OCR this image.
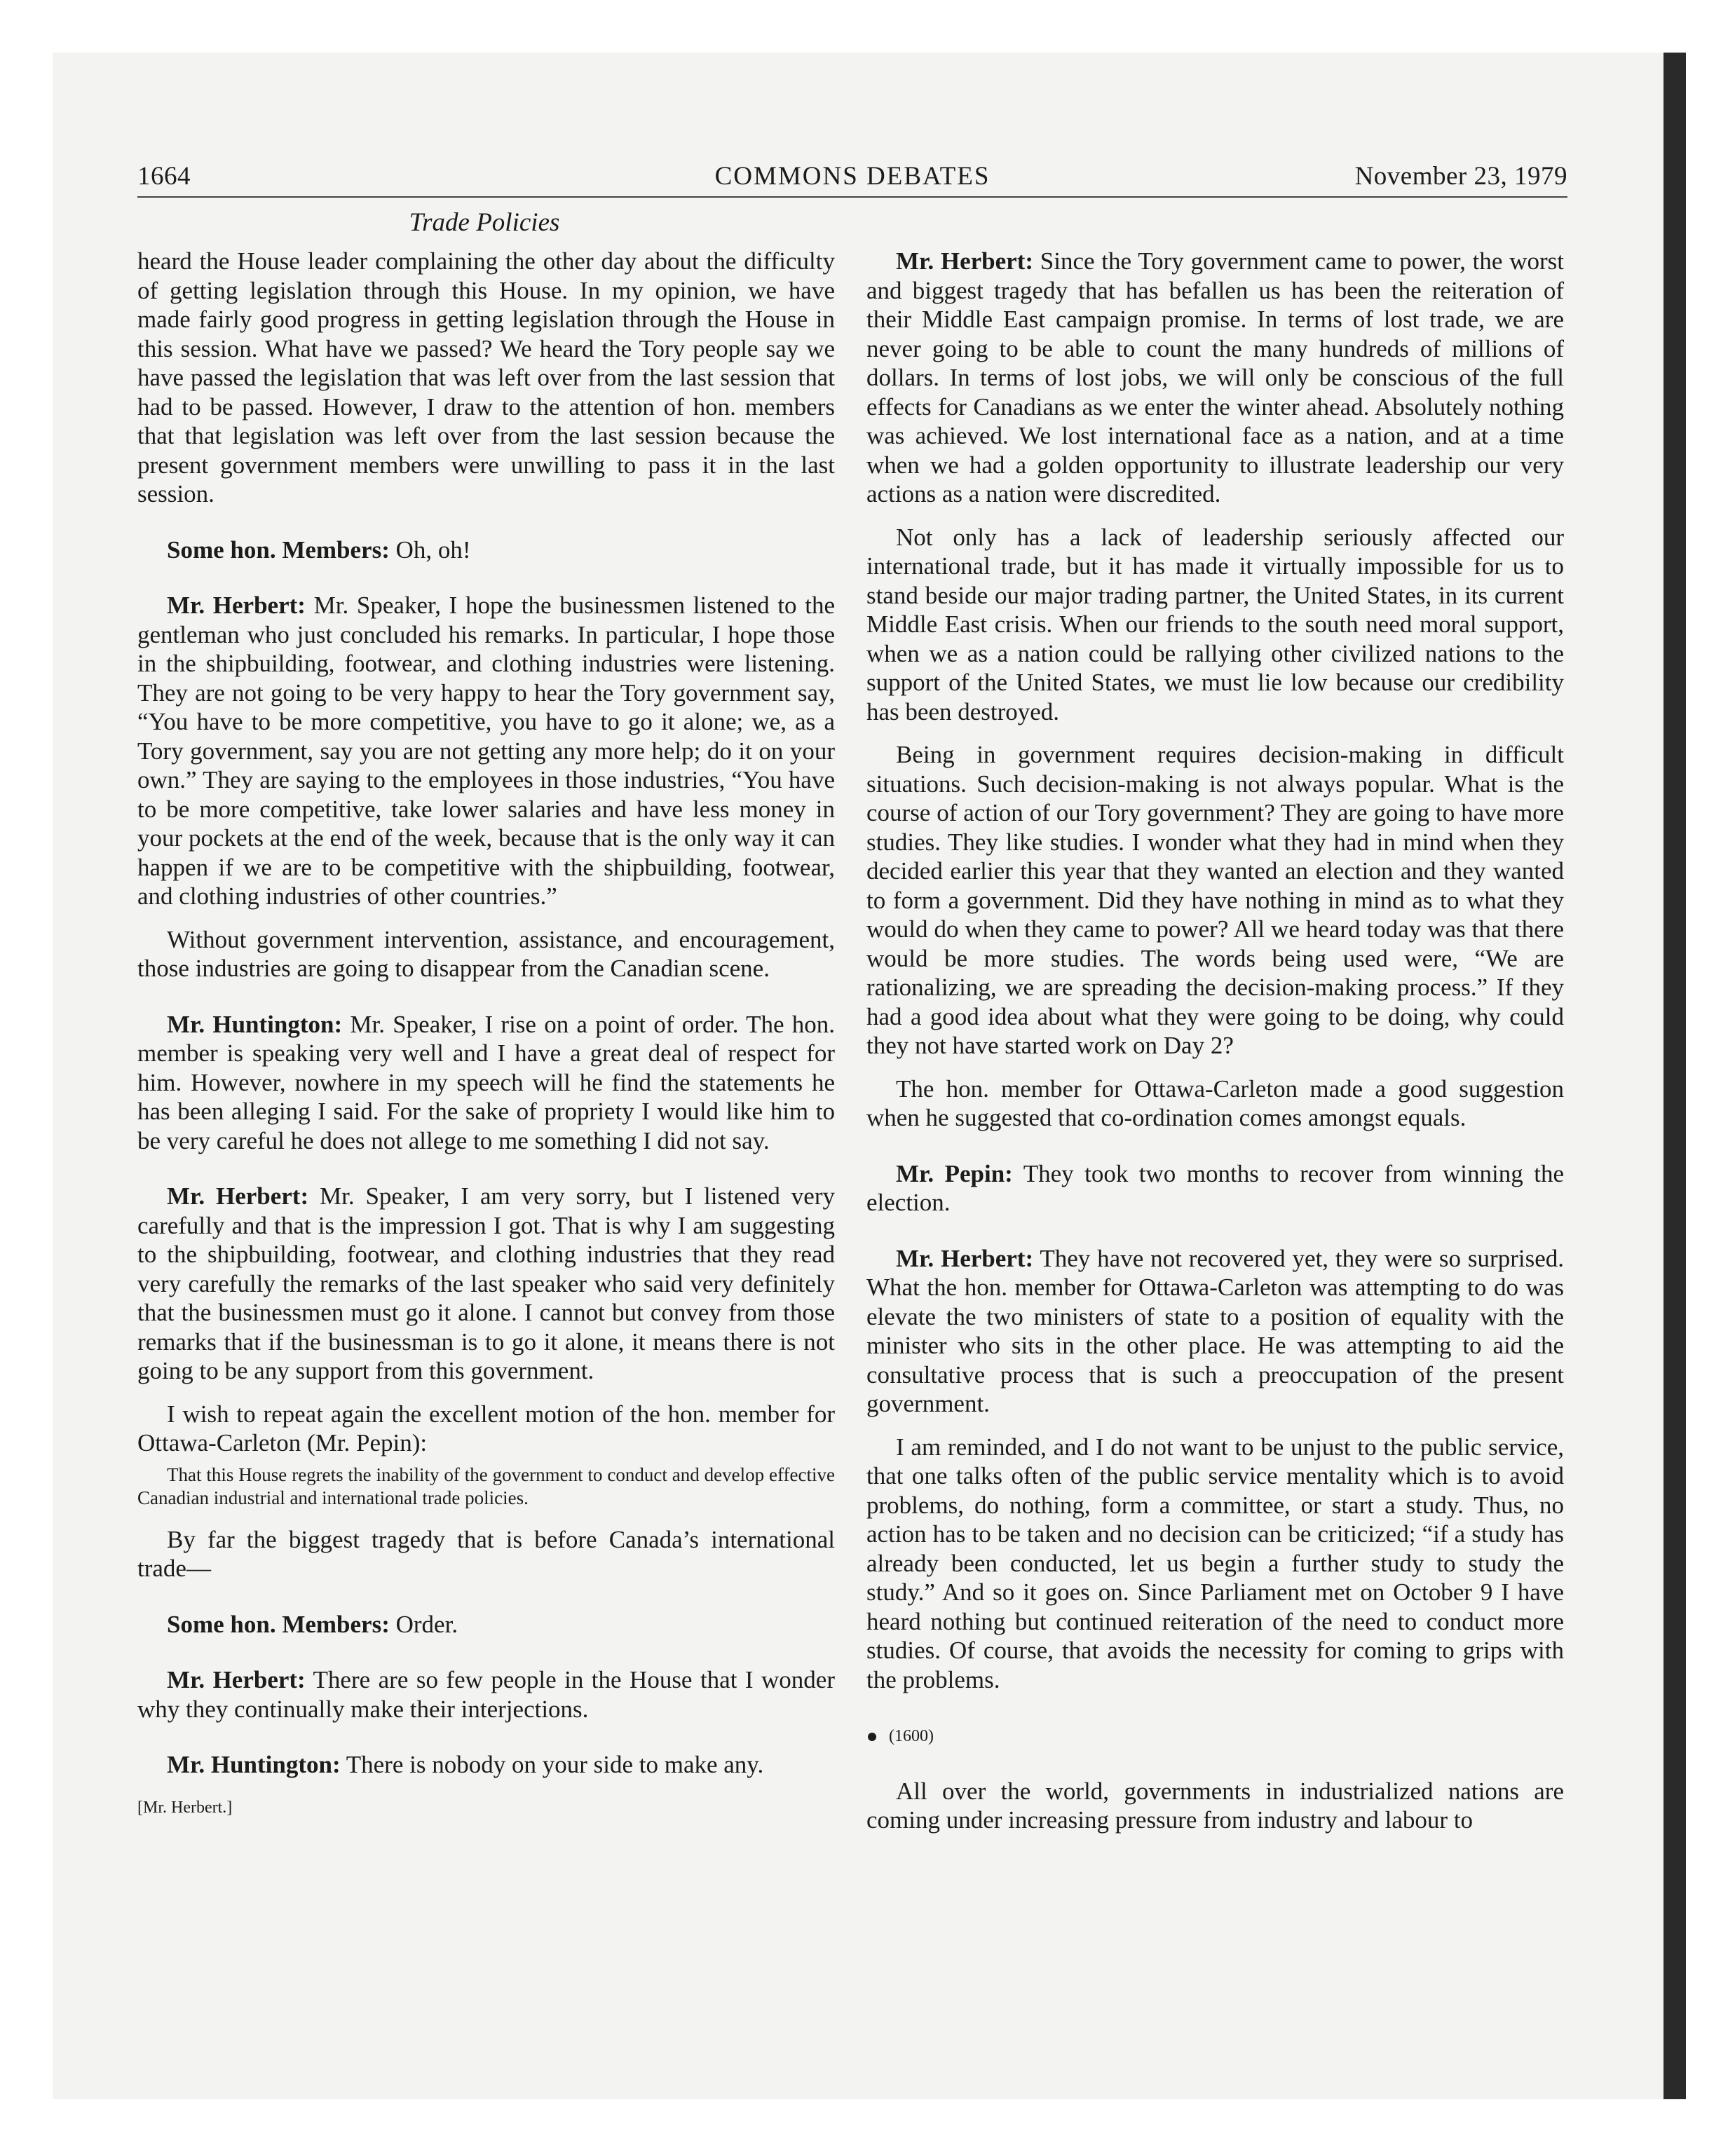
1664	COMMONS DEBATES	November 23, 1979
Trade Policies

heard the House leader complaining the other day about the difficulty of getting legislation through this House. In my opinion, we have made fairly good progress in getting legislation through the House in this session. What have we passed? We heard the Tory people say we have passed the legislation that was left over from the last session that had to be passed. However, I draw to the attention of hon. members that that legislation was left over from the last session because the present government members were unwilling to pass it in the last session.

Some hon. Members: Oh, oh!

Mr. Herbert: Mr. Speaker, I hope the businessmen listened to the gentleman who just concluded his remarks. In particular, I hope those in the shipbuilding, footwear, and clothing industries were listening. They are not going to be very happy to hear the Tory government say, “You have to be more competitive, you have to go it alone; we, as a Tory government, say you are not getting any more help; do it on your own.” They are saying to the employees in those industries, “You have to be more competitive, take lower salaries and have less money in your pockets at the end of the week, because that is the only way it can happen if we are to be competitive with the shipbuilding, footwear, and clothing industries of other countries.”

Without government intervention, assistance, and encouragement, those industries are going to disappear from the Canadian scene.

Mr. Huntington: Mr. Speaker, I rise on a point of order. The hon. member is speaking very well and I have a great deal of respect for him. However, nowhere in my speech will he find the statements he has been alleging I said. For the sake of propriety I would like him to be very careful he does not allege to me something I did not say.

Mr. Herbert: Mr. Speaker, I am very sorry, but I listened very carefully and that is the impression I got. That is why I am suggesting to the shipbuilding, footwear, and clothing industries that they read very carefully the remarks of the last speaker who said very definitely that the businessmen must go it alone. I cannot but convey from those remarks that if the businessman is to go it alone, it means there is not going to be any support from this government.

I wish to repeat again the excellent motion of the hon. member for Ottawa-Carleton (Mr. Pepin):

That this House regrets the inability of the government to conduct and develop effective Canadian industrial and international trade policies.

By far the biggest tragedy that is before Canada’s international trade—

Some hon. Members: Order.

Mr. Herbert: There are so few people in the House that I wonder why they continually make their interjections.

Mr. Huntington: There is nobody on your side to make any.

[Mr. Herbert.]

Mr. Herbert: Since the Tory government came to power, the worst and biggest tragedy that has befallen us has been the reiteration of their Middle East campaign promise. In terms of lost trade, we are never going to be able to count the many hundreds of millions of dollars. In terms of lost jobs, we will only be conscious of the full effects for Canadians as we enter the winter ahead. Absolutely nothing was achieved. We lost international face as a nation, and at a time when we had a golden opportunity to illustrate leadership our very actions as a nation were discredited.

Not only has a lack of leadership seriously affected our international trade, but it has made it virtually impossible for us to stand beside our major trading partner, the United States, in its current Middle East crisis. When our friends to the south need moral support, when we as a nation could be rallying other civilized nations to the support of the United States, we must lie low because our credibility has been destroyed.

Being in government requires decision-making in difficult situations. Such decision-making is not always popular. What is the course of action of our Tory government? They are going to have more studies. They like studies. I wonder what they had in mind when they decided earlier this year that they wanted an election and they wanted to form a government. Did they have nothing in mind as to what they would do when they came to power? All we heard today was that there would be more studies. The words being used were, “We are rationalizing, we are spreading the decision-making process.” If they had a good idea about what they were going to be doing, why could they not have started work on Day 2?

The hon. member for Ottawa-Carleton made a good suggestion when he suggested that co-ordination comes amongst equals.

Mr. Pepin: They took two months to recover from winning the election.

Mr. Herbert: They have not recovered yet, they were so surprised. What the hon. member for Ottawa-Carleton was attempting to do was elevate the two ministers of state to a position of equality with the minister who sits in the other place. He was attempting to aid the consultative process that is such a preoccupation of the present government.

I am reminded, and I do not want to be unjust to the public service, that one talks often of the public service mentality which is to avoid problems, do nothing, form a committee, or start a study. Thus, no action has to be taken and no decision can be criticized; “if a study has already been conducted, let us begin a further study to study the study.” And so it goes on. Since Parliament met on October 9 I have heard nothing but continued reiteration of the need to conduct more studies. Of course, that avoids the necessity for coming to grips with the problems.

(1600)

All over the world, governments in industrialized nations are coming under increasing pressure from industry and labour to
